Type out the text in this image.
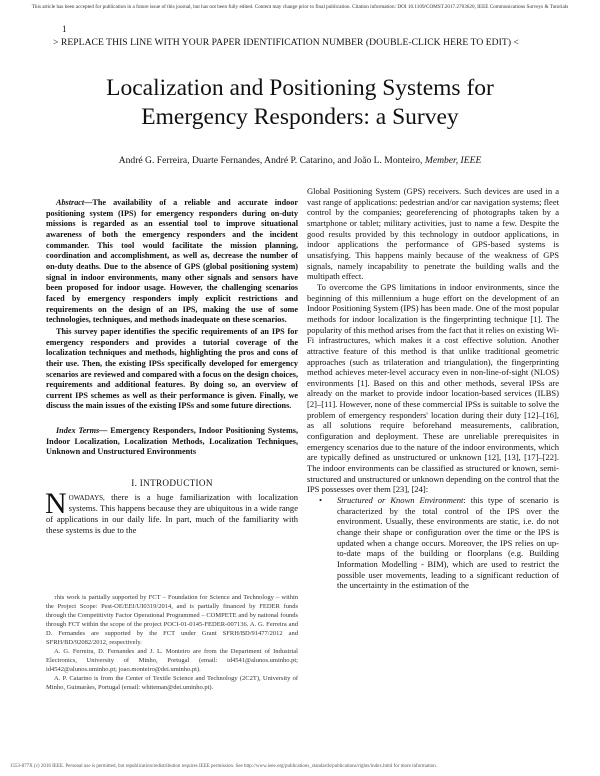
This article has been accepted for publication in a future issue of this journal, but has not been fully edited. Content may change prior to final publication. Citation information: DOI 10.1109/COMST.2017.2703620, IEEE Communications Surveys & Tutorials
1
> REPLACE THIS LINE WITH YOUR PAPER IDENTIFICATION NUMBER (DOUBLE-CLICK HERE TO EDIT) <
Localization and Positioning Systems for
Emergency Responders: a Survey
André G. Ferreira, Duarte Fernandes, André P. Catarino, and João L. Monteiro, Member, IEEE

Abstract—The availability of a reliable and accurate indoor positioning system (IPS) for emergency responders during on-duty missions is regarded as an essential tool to improve situational awareness of both the emergency responders and the incident commander. This tool would facilitate the mission planning, coordination and accomplishment, as well as, decrease the number of on-duty deaths. Due to the absence of GPS (global positioning system) signal in indoor environments, many other signals and sensors have been proposed for indoor usage. However, the challenging scenarios faced by emergency responders imply explicit restrictions and requirements on the design of an IPS, making the use of some technologies, techniques, and methods inadequate on these scenarios.

This survey paper identifies the specific requirements of an IPS for emergency responders and provides a tutorial coverage of the localization techniques and methods, highlighting the pros and cons of their use. Then, the existing IPSs specifically developed for emergency scenarios are reviewed and compared with a focus on the design choices, requirements and additional features. By doing so, an overview of current IPS schemes as well as their performance is given. Finally, we discuss the main issues of the existing IPSs and some future directions.

Index Terms— Emergency Responders, Indoor Positioning Systems, Indoor Localization, Localization Methods, Localization Techniques, Unknown and Unstructured Environments

I. INTRODUCTION

NOWADAYS, there is a huge familiarization with localization systems. This happens because they are ubiquitous in a wide range of applications in our daily life. In part, much of the familiarity with these systems is due to the

$^T$his work is partially supported by FCT – Foundation for Science and Technology – within the Project Scope: Pest-OE/EEI/UI0319/2014, and is partially financed by FEDER funds through the Competitivity Factor Operational Programmed – COMPETE and by national founds through FCT within the scope of the project POCI-01-0145-FEDER-007136. A. G. Ferreira and D. Fernandes are supported by the FCT under Grant SFRH/BD/91477/2012 and SFRH/BD/92082/2012, respectively.

A. G. Ferreira, D. Fernandes and J. L. Monteiro are from the Department of Industrial Electronics, University of Minho, Portugal (email: id4541@alunos.uminho.pt; id4542@alunos.uminho.pt; joao.monteiro@dei.uminho.pt).

A. P. Catarino is from the Center of Textile Science and Technology (2C2T), University of Minho, Guimarães, Portugal (email: whiteman@det.uminho.pt).

Global Positioning System (GPS) receivers. Such devices are used in a vast range of applications: pedestrian and/or car navigation systems; fleet control by the companies; georeferencing of photographs taken by a smartphone or tablet; military activities, just to name a few. Despite the good results provided by this technology in outdoor applications, in indoor applications the performance of GPS-based systems is unsatisfying. This happens mainly because of the weakness of GPS signals, namely incapability to penetrate the building walls and the multipath effect.

To overcome the GPS limitations in indoor environments, since the beginning of this millennium a huge effort on the development of an Indoor Positioning System (IPS) has been made. One of the most popular methods for indoor localization is the fingerprinting technique [1]. The popularity of this method arises from the fact that it relies on existing Wi-Fi infrastructures, which makes it a cost effective solution. Another attractive feature of this method is that unlike traditional geometric approaches (such as trilateration and triangulation), the fingerprinting method achieves meter-level accuracy even in non-line-of-sight (NLOS) environments [1]. Based on this and other methods, several IPSs are already on the market to provide indoor location-based services (ILBS) [2]–[11]. However, none of these commercial IPSs is suitable to solve the problem of emergency responders' location during their duty [12]–[16], as all solutions require beforehand measurements, calibration, configuration and deployment. These are unreliable prerequisites in emergency scenarios due to the nature of the indoor environments, which are typically defined as unstructured or unknown [12], [13], [17]–[22]. The indoor environments can be classified as structured or known, semi-structured and unstructured or unknown depending on the control that the IPS possesses over them [23], [24]:

• Structured or Known Environment: this type of scenario is characterized by the total control of the IPS over the environment. Usually, these environments are static, i.e. do not change their shape or configuration over the time or the IPS is updated when a change occurs. Moreover, the IPS relies on up-to-date maps of the building or floorplans (e.g. Building Information Modelling - BIM), which are used to restrict the possible user movements, leading to a significant reduction of the uncertainty in the estimation of the
1553-877X (c) 2016 IEEE. Personal use is permitted, but republication/redistribution requires IEEE permission. See http://www.ieee.org/publications_standards/publications/rights/index.html for more information.
